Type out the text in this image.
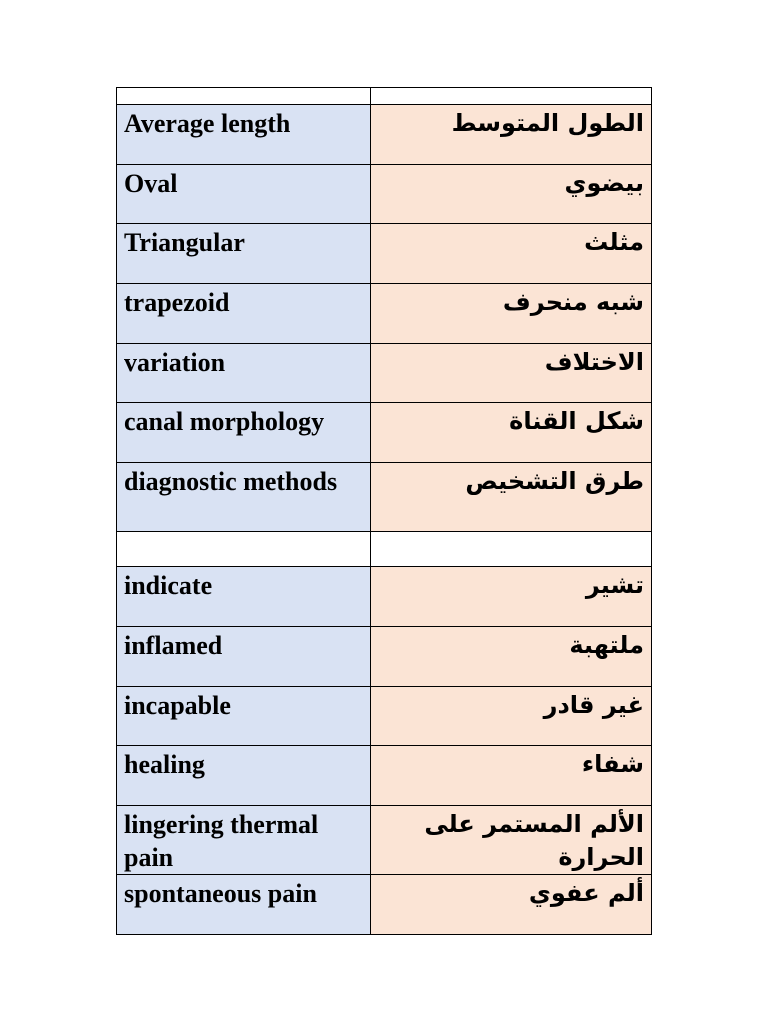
Average length	الطول المتوسط
Oval	بيضوي
Triangular	مثلث
trapezoid	شبه منحرف
variation	الاختلاف
canal morphology	شكل القناة
diagnostic methods	طرق التشخيص

indicate	تشير
inflamed	ملتهبة
incapable	غير قادر
healing	شفاء
lingering thermal pain	الألم المستمر على الحرارة
spontaneous pain	ألم عفوي
